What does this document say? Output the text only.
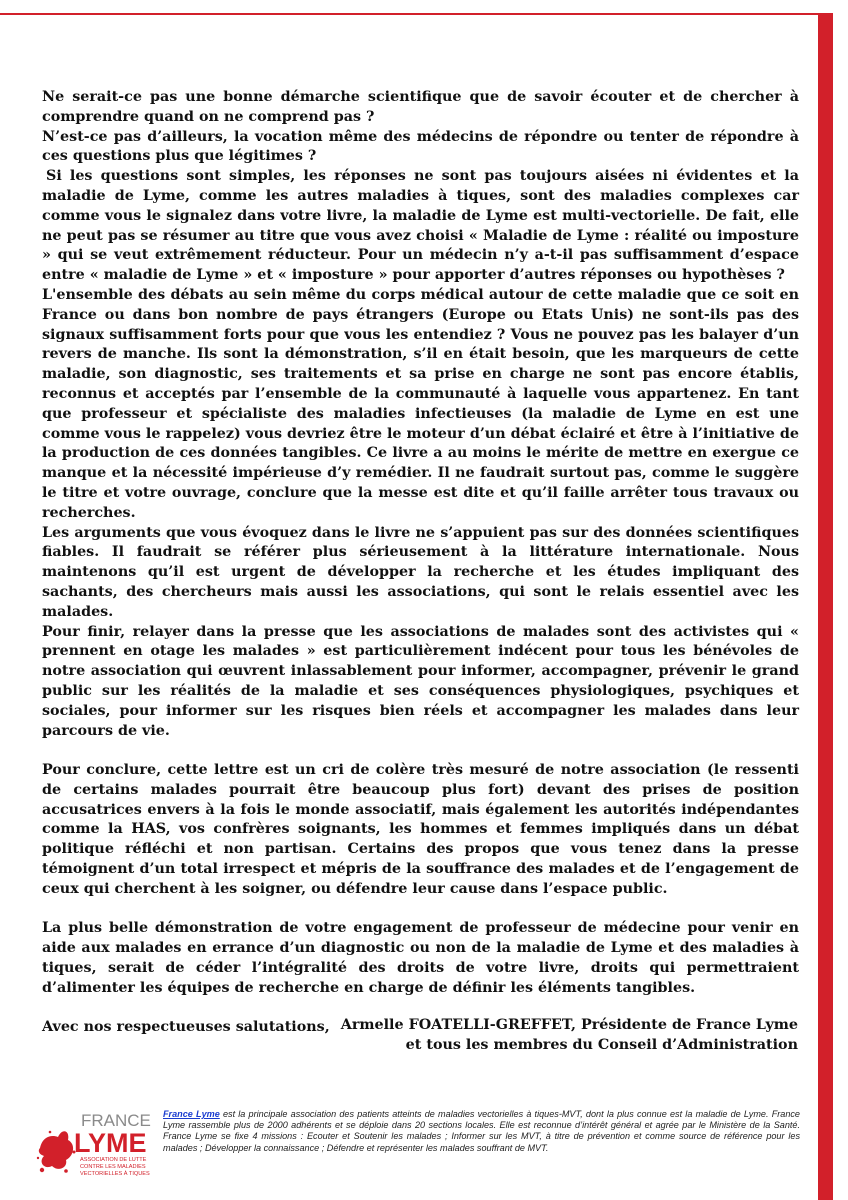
Ne serait-ce pas une bonne démarche scientifique que de savoir écouter et de chercher à comprendre quand on ne comprend pas ?

N’est-ce pas d’ailleurs, la vocation même des médecins de répondre ou tenter de répondre à ces questions plus que légitimes ?

Si les questions sont simples, les réponses ne sont pas toujours aisées ni évidentes et la maladie de Lyme, comme les autres maladies à tiques, sont des maladies complexes car comme vous le signalez dans votre livre, la maladie de Lyme est multi-vectorielle. De fait, elle ne peut pas se résumer au titre que vous avez choisi « Maladie de Lyme : réalité ou imposture » qui se veut extrêmement réducteur. Pour un médecin n’y a-t-il pas suffisamment d’espace entre « maladie de Lyme » et « imposture » pour apporter d’autres réponses ou hypothèses ?

L'ensemble des débats au sein même du corps médical autour de cette maladie que ce soit en France ou dans bon nombre de pays étrangers (Europe ou Etats Unis) ne sont-ils pas des signaux suffisamment forts pour que vous les entendiez ? Vous ne pouvez pas les balayer d’un revers de manche. Ils sont la démonstration, s’il en était besoin, que les marqueurs de cette maladie, son diagnostic, ses traitements et sa prise en charge ne sont pas encore établis, reconnus et acceptés par l’ensemble de la communauté à laquelle vous appartenez. En tant que professeur et spécialiste des maladies infectieuses (la maladie de Lyme en est une comme vous le rappelez) vous devriez être le moteur d’un débat éclairé et être à l’initiative de la production de ces données tangibles. Ce livre a au moins le mérite de mettre en exergue ce manque et la nécessité impérieuse d’y remédier. Il ne faudrait surtout pas, comme le suggère le titre et votre ouvrage, conclure que la messe est dite et qu’il faille arrêter tous travaux ou recherches.

Les arguments que vous évoquez dans le livre ne s’appuient pas sur des données scientifiques fiables. Il faudrait se référer plus sérieusement à la littérature internationale. Nous maintenons qu’il est urgent de développer la recherche et les études impliquant des sachants, des chercheurs mais aussi les associations, qui sont le relais essentiel avec les malades.

Pour finir, relayer dans la presse que les associations de malades sont des activistes qui « prennent en otage les malades » est particulièrement indécent pour tous les bénévoles de notre association qui œuvrent inlassablement pour informer, accompagner, prévenir le grand public sur les réalités de la maladie et ses conséquences physiologiques, psychiques et sociales, pour informer sur les risques bien réels et accompagner les malades dans leur parcours de vie.

Pour conclure, cette lettre est un cri de colère très mesuré de notre association (le ressenti de certains malades pourrait être beaucoup plus fort) devant des prises de position accusatrices envers à la fois le monde associatif, mais également les autorités indépendantes comme la HAS, vos confrères soignants, les hommes et femmes impliqués dans un débat politique réfléchi et non partisan. Certains des propos que vous tenez dans la presse témoignent d’un total irrespect et mépris de la souffrance des malades et de l’engagement de ceux qui cherchent à les soigner, ou défendre leur cause dans l’espace public.

La plus belle démonstration de votre engagement de professeur de médecine pour venir en aide aux malades en errance d’un diagnostic ou non de la maladie de Lyme et des maladies à tiques, serait de céder l’intégralité des droits de votre livre, droits qui permettraient d’alimenter les équipes de recherche en charge de définir les éléments tangibles.

Avec nos respectueuses salutations, Armelle FOATELLI-GREFFET, Présidente de France Lyme
et tous les membres du Conseil d’Administration
FRANCE
LYME
ASSOCIATION DE LUTTE
CONTRE LES MALADIES
VECTORIELLES À TIQUES
France Lyme est la principale association des patients atteints de maladies vectorielles à tiques-MVT, dont la plus connue est la maladie de Lyme. France Lyme rassemble plus de 2000 adhérents et se déploie dans 20 sections locales. Elle est reconnue d’intérêt général et agrée par le Ministère de la Santé. France Lyme se fixe 4 missions : Ecouter et Soutenir les malades ; Informer sur les MVT, à titre de prévention et comme source de référence pour les malades ; Développer la connaissance ; Défendre et représenter les malades souffrant de MVT.
